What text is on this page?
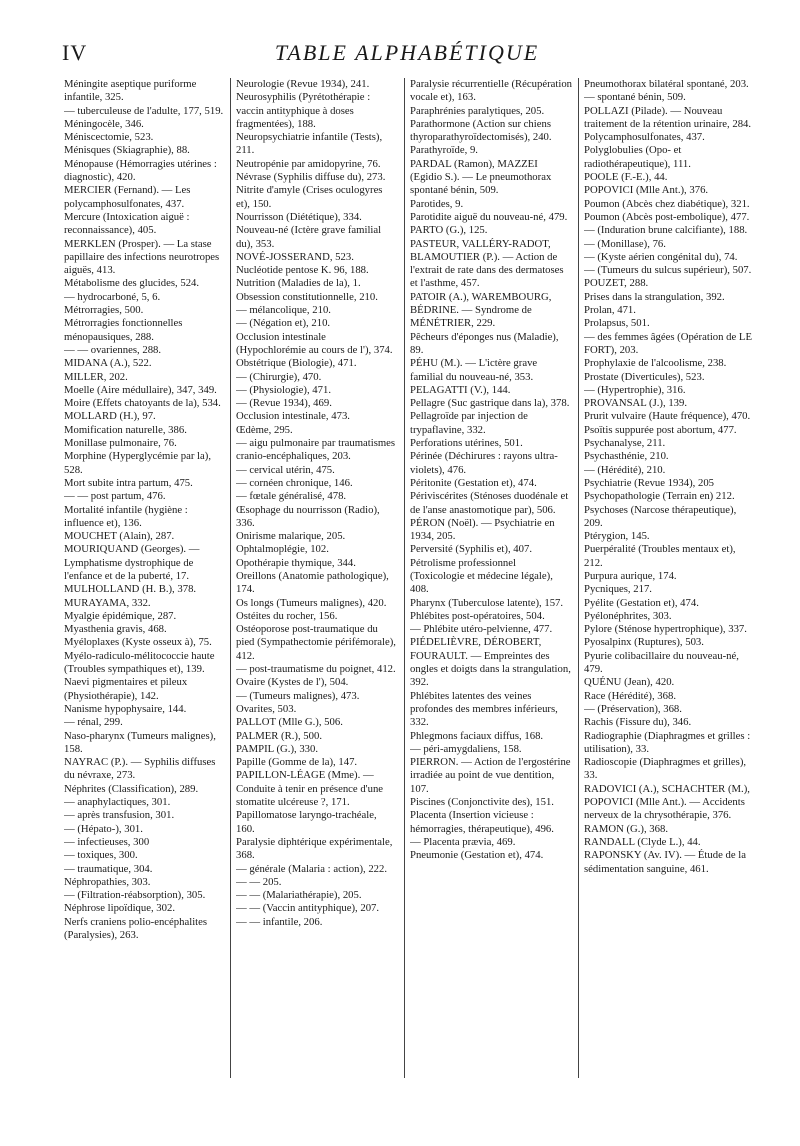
IV	TABLE ALPHABÉTIQUE
Méningite aseptique puriforme infantile, 325.
— tuberculeuse de l'adulte, 177, 519.
Méningocèle, 346.
Méniscectomie, 523.
Ménisques (Skiagraphie), 88.
Ménopause (Hémorragies utérines : diagnostic), 420.
MERCIER (Fernand). — Les polycamphosulfonates, 437.
Mercure (Intoxication aiguë : reconnaissance), 405.
MERKLEN (Prosper). — La stase papillaire des infections neurotropes aiguës, 413.
Métabolisme des glucides, 524.
— hydrocarboné, 5, 6.
Métrorragies, 500.
Métrorragies fonctionnelles ménopausiques, 288.
— — ovariennes, 288.
MIDANA (A.), 522.
MILLER, 202.
Moelle (Aire médullaire), 347, 349.
Moire (Effets chatoyants de la), 534.
MOLLARD (H.), 97.
Momification naturelle, 386.
Monillase pulmonaire, 76.
Morphine (Hyperglycémie par la), 528.
Mort subite intra partum, 475.
— — post partum, 476.
Mortalité infantile (hygiène : influence et), 136.
MOUCHET (Alain), 287.
MOURIQUAND (Georges). — Lymphatisme dystrophique de l'enfance et de la puberté, 17.
MULHOLLAND (H. B.), 378.
MURAYAMA, 332.
Myalgie épidémique, 287.
Myasthenia gravis, 468.
Myéloplaxes (Kyste osseux à), 75.
Myélo-radiculo-mélitococcie haute (Troubles sympathiques et), 139.
Naevi pigmentaires et pileux (Physiothérapie), 142.
Nanisme hypophysaire, 144.
— rénal, 299.
Naso-pharynx (Tumeurs malignes), 158.
NAYRAC (P.). — Syphilis diffuses du névraxe, 273.
Néphrites (Classification), 289.
— anaphylactiques, 301.
— après transfusion, 301.
— (Hépato-), 301.
— infectieuses, 300
— toxiques, 300.
— traumatique, 304.
Néphropathies, 303.
— (Filtration-réabsorption), 305.
Néphrose lipoïdique, 302.
Nerfs craniens polio-encéphalites (Paralysies), 263.
Neurologie (Revue 1934), 241.
Neurosyphilis (Pyrétothérapie : vaccin antityphique à doses fragmentées), 188.
Neuropsychiatrie infantile (Tests), 211.
Neutropénie par amidopyrine, 76.
Névrase (Syphilis diffuse du), 273.
Nitrite d'amyle (Crises oculogyres et), 150.
Nourrisson (Diététique), 334.
Nouveau-né (Ictère grave familial du), 353.
NOVÉ-JOSSERAND, 523.
Nucléotide pentose K. 96, 188.
Nutrition (Maladies de la), 1.
Obsession constitutionnelle, 210.
— mélancolique, 210.
— (Négation et), 210.
Occlusion intestinale (Hypochlorémie au cours de l'), 374.
Obstétrique (Biologie), 471.
— (Chirurgie), 470.
— (Physiologie), 471.
— (Revue 1934), 469.
Occlusion intestinale, 473.
Œdème, 295.
— aigu pulmonaire par traumatismes cranio-encéphaliques, 203.
— cervical utérin, 475.
— cornéen chronique, 146.
— fœtale généralisé, 478.
Œsophage du nourrisson (Radio), 336.
Onirisme malarique, 205.
Ophtalmoplégie, 102.
Opothérapie thymique, 344.
Oreillons (Anatomie pathologique), 174.
Os longs (Tumeurs malignes), 420.
Ostéites du rocher, 156.
Ostéoporose post-traumatique du pied (Sympathectomie périfémorale), 412.
— post-traumatisme du poignet, 412.
Ovaire (Kystes de l'), 504.
— (Tumeurs malignes), 473.
Ovarites, 503.
PALLOT (Mlle G.), 506.
PALMER (R.), 500.
PAMPIL (G.), 330.
Papille (Gomme de la), 147.
PAPILLON-LÉAGE (Mme). — Conduite à tenir en présence d'une stomatite ulcéreuse ?, 171.
Papillomatose laryngo-trachéale, 160.
Paralysie diphtérique expérimentale, 368.
— générale (Malaria : action), 222.
— — 205.
— — (Malariathérapie), 205.
— — (Vaccin antityphique), 207.
— — infantile, 206.
Paralysie récurrentielle (Récupération vocale et), 163.
Paraphrénies paralytiques, 205.
Parathormone (Action sur chiens thyroparathyroïdectomisés), 240.
Parathyroïde, 9.
PARDAL (Ramon), MAZZEI (Egidio S.). — Le pneumothorax spontané bénin, 509.
Parotides, 9.
Parotidite aiguë du nouveau-né, 479.
PARTO (G.), 125.
PASTEUR, VALLÉRY-RADOT, BLAMOUTIER (P.). — Action de l'extrait de rate dans des dermatoses et l'asthme, 457.
PATOIR (A.), WAREMBOURG, BÉDRINE. — Syndrome de MÉNÉTRIER, 229.
Pêcheurs d'éponges nus (Maladie), 89.
PÉHU (M.). — L'ictère grave familial du nouveau-né, 353.
PELAGATTI (V.), 144.
Pellagre (Suc gastrique dans la), 378.
Pellagroïde par injection de trypaflavine, 332.
Perforations utérines, 501.
Périnée (Déchirures : rayons ultra-violets), 476.
Péritonite (Gestation et), 474.
Périviscérites (Sténoses duodénale et de l'anse anastomotique par), 506.
PÉRON (Noël). — Psychiatrie en 1934, 205.
Perversité (Syphilis et), 407.
Pétrolisme professionnel (Toxicologie et médecine légale), 408.
Pharynx (Tuberculose latente), 157.
Phlébites post-opératoires, 504.
— Phlébite utéro-pelvienne, 477.
PIÉDELIÈVRE, DÉROBERT, FOURAULT. — Empreintes des ongles et doigts dans la strangulation, 392.
Phlébites latentes des veines profondes des membres inférieurs, 332.
Phlegmons faciaux diffus, 168.
— péri-amygdaliens, 158.
PIERRON. — Action de l'ergostérine irradiée au point de vue dentition, 107.
Piscines (Conjonctivite des), 151.
Placenta (Insertion vicieuse : hémorragies, thérapeutique), 496.
— Placenta prævia, 469.
Pneumonie (Gestation et), 474.
Pneumothorax bilatéral spontané, 203.
— spontané bénin, 509.
POLLAZI (Pilade). — Nouveau traitement de la rétention urinaire, 284.
Polycamphosulfonates, 437.
Polyglobulies (Opo- et radiothérapeutique), 111.
POOLE (F.-E.), 44.
POPOVICI (Mlle Ant.), 376.
Poumon (Abcès chez diabétique), 321.
Poumon (Abcès post-embolique), 477.
— (Induration brune calcifiante), 188.
— (Monillase), 76.
— (Kyste aérien congénital du), 74.
— (Tumeurs du sulcus supérieur), 507.
POUZET, 288.
Prises dans la strangulation, 392.
Prolan, 471.
Prolapsus, 501.
— des femmes âgées (Opération de LE FORT), 203.
Prophylaxie de l'alcoolisme, 238.
Prostate (Diverticules), 523.
— (Hypertrophie), 316.
PROVANSAL (J.), 139.
Prurit vulvaire (Haute fréquence), 470.
Psoïtis suppurée post abortum, 477.
Psychanalyse, 211.
Psychasthénie, 210.
— (Hérédité), 210.
Psychiatrie (Revue 1934), 205
Psychopathologie (Terrain en) 212.
Psychoses (Narcose thérapeutique), 209.
Ptérygion, 145.
Puerpéralité (Troubles mentaux et), 212.
Purpura aurique, 174.
Pycniques, 217.
Pyélite (Gestation et), 474.
Pyélonéphrites, 303.
Pylore (Sténose hypertrophique), 337.
Pyosalpinx (Ruptures), 503.
Pyurie colibacillaire du nouveau-né, 479.
QUÉNU (Jean), 420.
Race (Hérédité), 368.
— (Préservation), 368.
Rachis (Fissure du), 346.
Radiographie (Diaphragmes et grilles : utilisation), 33.
Radioscopie (Diaphragmes et grilles), 33.
RADOVICI (A.), SCHACHTER (M.), POPOVICI (Mlle Ant.). — Accidents nerveux de la chrysothérapie, 376.
RAMON (G.), 368.
RANDALL (Clyde L.), 44.
RAPONSKY (Av. IV). — Étude de la sédimentation sanguine, 461.
